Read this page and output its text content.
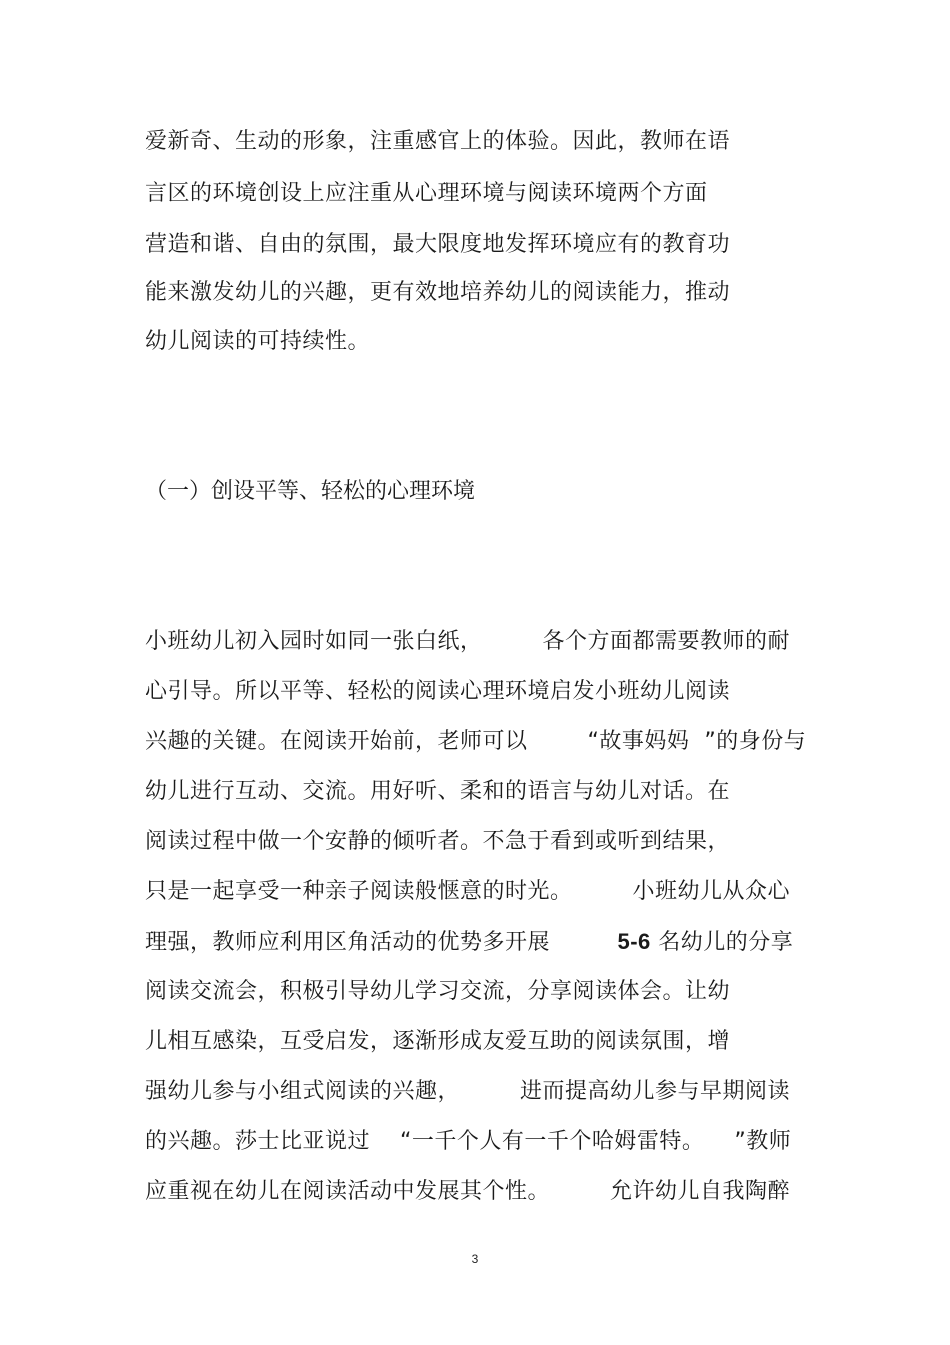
爱新奇、生动的形象，注重感官上的体验。因此，教师在语
言区的环境创设上应注重从心理环境与阅读环境两个方面
营造和谐、自由的氛围，最大限度地发挥环境应有的教育功
能来激发幼儿的兴趣，更有效地培养幼儿的阅读能力，推动
幼儿阅读的可持续性。
（一）创设平等、轻松的心理环境
小班幼儿初入园时如同一张白纸，        各个方面都需要教师的耐
心引导。所以平等、轻松的阅读心理环境启发小班幼儿阅读
兴趣的关键。在阅读开始前，老师可以        “故事妈妈  ”的身份与
幼儿进行互动、交流。用好听、柔和的语言与幼儿对话。在
阅读过程中做一个安静的倾听者。不急于看到或听到结果，
只是一起享受一种亲子阅读般惬意的时光。        小班幼儿从众心
理强，教师应利用区角活动的优势多开展         5-6 名幼儿的分享
阅读交流会，积极引导幼儿学习交流，分享阅读体会。让幼
儿相互感染，互受启发，逐渐形成友爱互助的阅读氛围，增
强幼儿参与小组式阅读的兴趣，        进而提高幼儿参与早期阅读
的兴趣。莎士比亚说过    “一千个人有一千个哈姆雷特。    ”教师
应重视在幼儿在阅读活动中发展其个性。        允许幼儿自我陶醉
3
